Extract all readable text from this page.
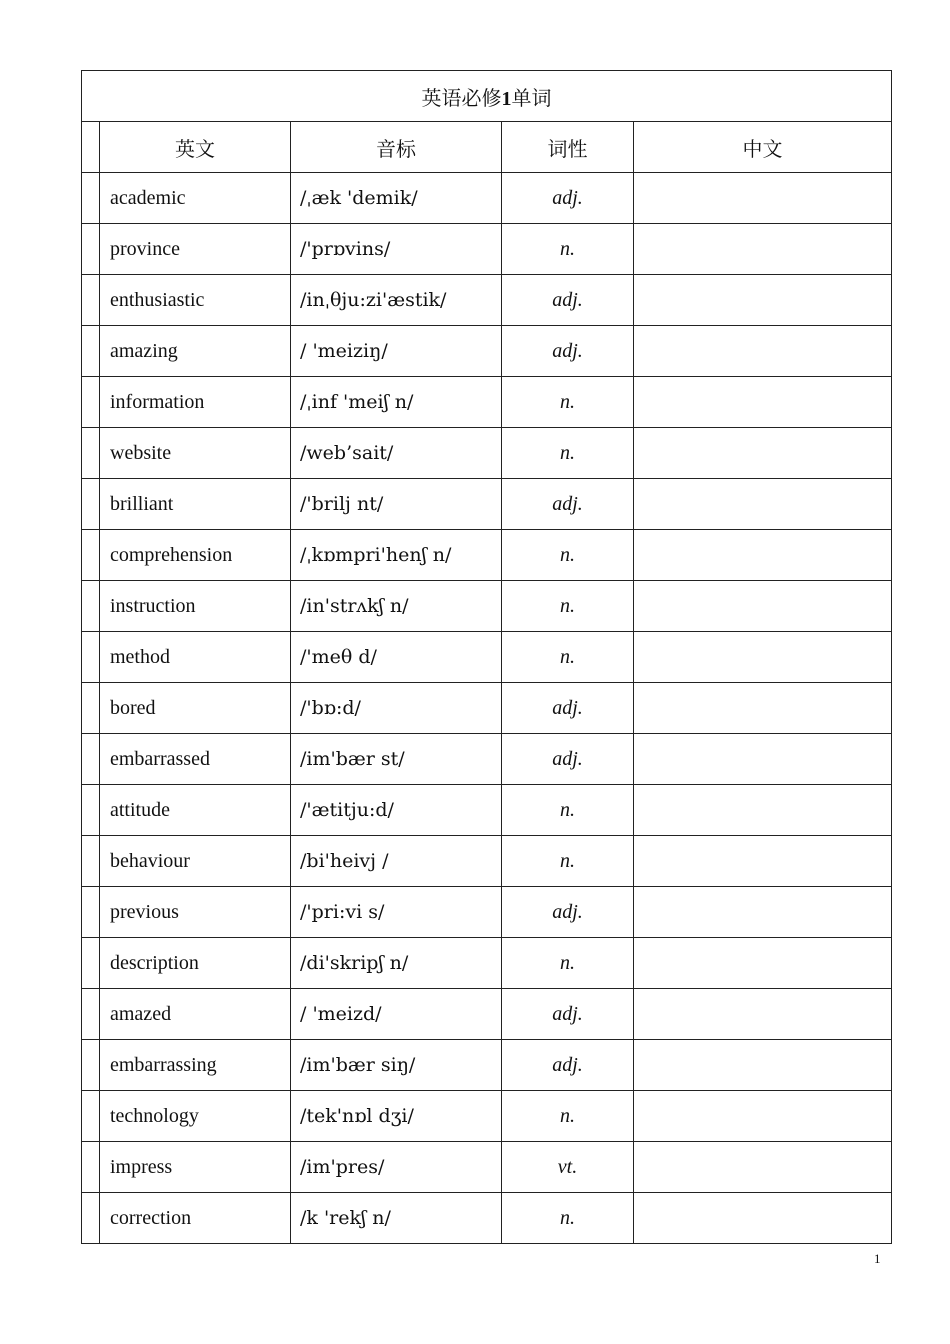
英语必修1单词				
	英文	音标	词性	中文
	academic	/ˌæk 'demik/	adj.	
	province	/'prɒvins/	n.	
	enthusiastic	/inˌθju:zi'æstik/	adj.	
	amazing	/ 'meiziŋ/	adj.	
	information	/ˌinf 'meiʃ n/	n.	
	website	/web’sait/	n.	
	brilliant	/'brilj nt/	adj.	
	comprehension	/ˌkɒmpri'henʃ n/	n.	
	instruction	/in'strʌkʃ n/	n.	
	method	/'meθ d/	n.	
	bored	/'bɒ:d/	adj.	
	embarrassed	/im'bær st/	adj.	
	attitude	/'ætitju:d/	n.	
	behaviour	/bi'heivj /	n.	
	previous	/'pri:vi s/	adj.	
	description	/di'skripʃ n/	n.	
	amazed	/ 'meizd/	adj.	
	embarrassing	/im'bær siŋ/	adj.	
	technology	/tek'nɒl dʒi/	n.	
	impress	/im'pres/	vt.	
	correction	/k 'rekʃ n/	n.	
1
